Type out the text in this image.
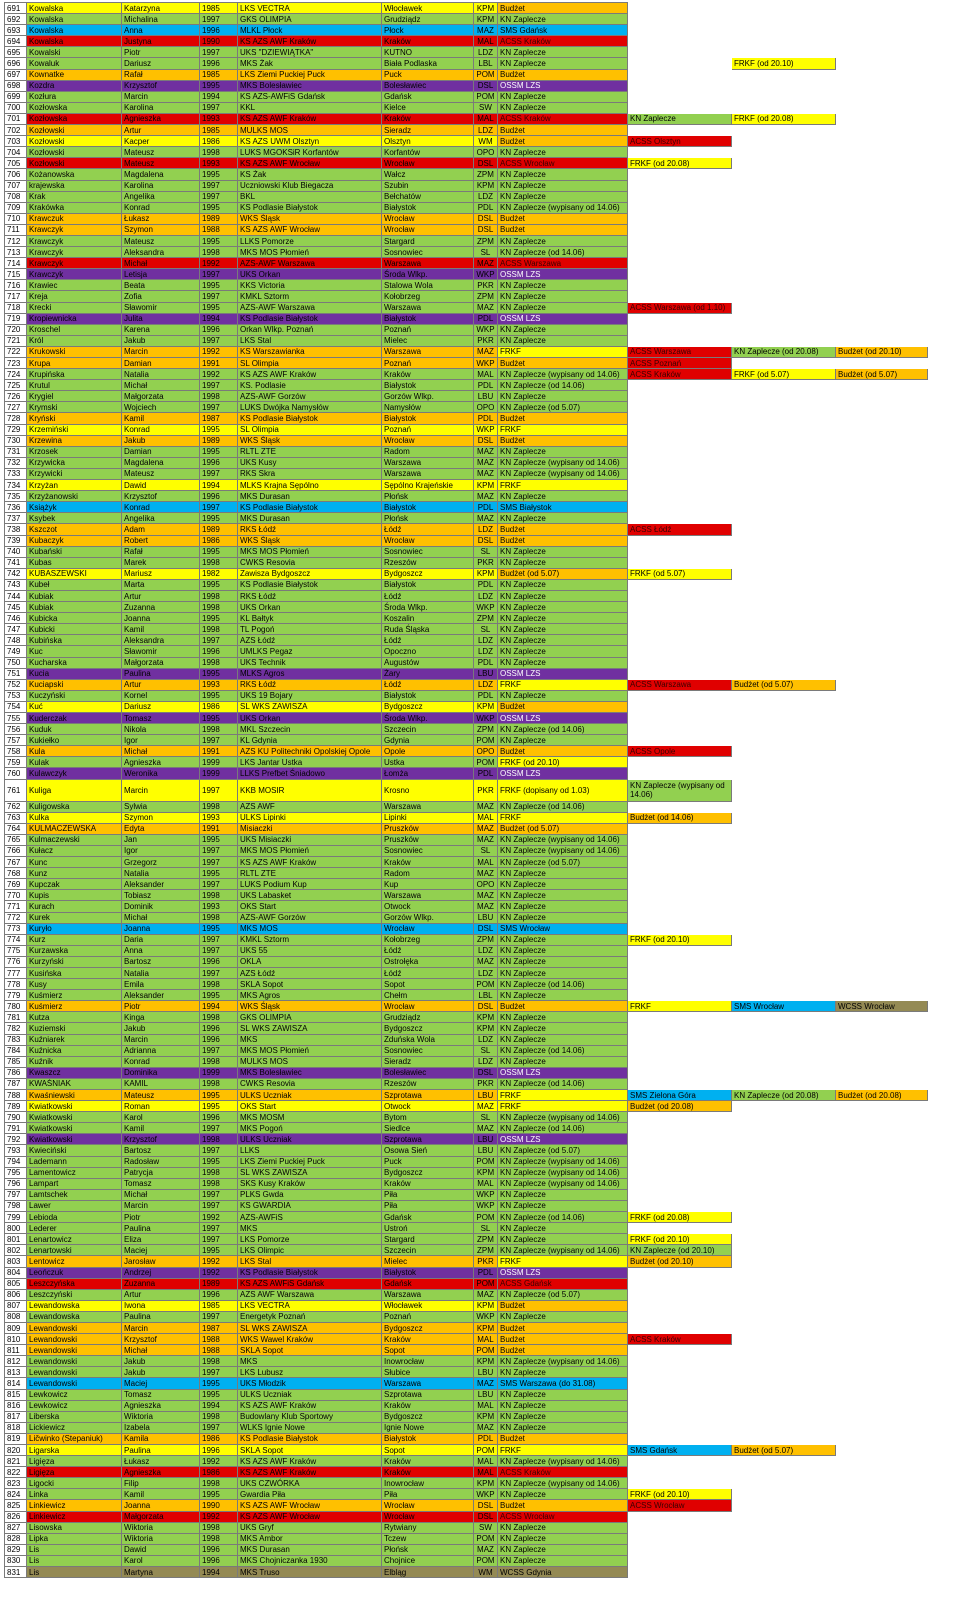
691	Kowalska	Katarzyna	1985	LKS VECTRA	Włocławek	KPM	Budżet			
692	Kowalska	Michalina	1997	GKS OLIMPIA	Grudziądz	KPM	KN Zaplecze			
693	Kowalska	Anna	1996	MLKL Płock	Płock	MAZ	SMS Gdańsk			
694	Kowalska	Justyna	1990	KS AZS AWF Kraków	Kraków	MAL	ACSS Kraków			
695	Kowalski	Piotr	1997	UKS "DZIEWIĄTKA"	KUTNO	LDZ	KN Zaplecze			
696	Kowaluk	Dariusz	1996	MKS Żak	Biała Podlaska	LBL	KN Zaplecze		FRKF (od 20.10)	
697	Kownatke	Rafał	1985	LKS Ziemi Puckiej Puck	Puck	POM	Budżet			
698	Kozdra	Krzysztof	1995	MKS Bolesławiec	Bolesławiec	DSL	OSSM LZS			
699	Kozłura	Marcin	1994	KS AZS-AWFiS Gdańsk	Gdańsk	POM	KN Zaplecze			
700	Kozłowska	Karolina	1997	KKL	Kielce	SW	KN Zaplecze			
701	Kozłowska	Agnieszka	1993	KS AZS AWF Kraków	Kraków	MAL	ACSS Kraków	KN Zaplecze	FRKF (od 20.08)	
702	Kozłowski	Artur	1985	MULKS MOS	Sieradz	LDZ	Budżet			
703	Kozłowski	Kacper	1986	KS AZS UWM Olsztyn	Olsztyn	WM	Budżet	ACSS Olsztyn		
704	Kozłowski	Mateusz	1998	LUKS MGOKSiR Korfantów	Korfantów	OPO	KN Zaplecze			
705	Kozłowski	Mateusz	1993	KS AZS AWF Wrocław	Wrocław	DSL	ACSS Wrocław	FRKF (od 20.08)		
706	Kożanowska	Magdalena	1995	KS Żak	Wałcz	ZPM	KN Zaplecze			
707	krajewska	Karolina	1997	Uczniowski Klub Biegacza	Szubin	KPM	KN Zaplecze			
708	Krak	Angelika	1997	BKL	Bełchatów	LDZ	KN Zaplecze			
709	Krakówka	Konrad	1995	KS Podlasie Białystok	Białystok	PDL	KN Zaplecze (wypisany od 14.06)			
710	Krawczuk	Łukasz	1989	WKS Śląsk	Wrocław	DSL	Budżet			
711	Krawczyk	Szymon	1988	KS AZS AWF Wrocław	Wrocław	DSL	Budżet			
712	Krawczyk	Mateusz	1995	LLKS Pomorze	Stargard	ZPM	KN Zaplecze			
713	Krawczyk	Aleksandra	1998	MKS MOS Płomień	Sosnowiec	SL	KN Zaplecze (od 14.06)			
714	Krawczyk	Michał	1992	AZS-AWF Warszawa	Warszawa	MAZ	ACSS Warszawa			
715	Krawczyk	Letisja	1997	UKS Orkan	Środa Wlkp.	WKP	OSSM LZS			
716	Krawiec	Beata	1995	KKS Victoria	Stalowa Wola	PKR	KN Zaplecze			
717	Kreja	Zofia	1997	KMKL Sztorm	Kołobrzeg	ZPM	KN Zaplecze			
718	Krecki	Sławomir	1995	AZS-AWF Warszawa	Warszawa	MAZ	KN Zaplecze	ACSS Warszawa (od 1.10)		
719	Kropiewnicka	Julita	1994	KS Podlasie Białystok	Białystok	PDL	OSSM LZS			
720	Kroschel	Karena	1996	Orkan Wlkp. Poznań	Poznań	WKP	KN Zaplecze			
721	Król	Jakub	1997	LKS Stal	Mielec	PKR	KN Zaplecze			
722	Krukowski	Marcin	1992	KS Warszawianka	Warszawa	MAZ	FRKF	ACSS Warszawa	KN Zaplecze (od 20.08)	Budżet (od 20.10)
723	Krupa	Damian	1991	SL Olimpia	Poznań	WKP	Budżet	ACSS Poznań		
724	Krupińska	Natalia	1992	KS AZS AWF Kraków	Kraków	MAL	KN Zaplecze (wypisany od 14.06)	ACSS Kraków	FRKF (od 5.07)	Budżet (od 5.07)
725	Krutul	Michał	1997	KS. Podlasie	Białystok	PDL	KN Zaplecze (od 14.06)			
726	Krygiel	Małgorzata	1998	AZS-AWF Gorzów	Gorzów Wlkp.	LBU	KN Zaplecze			
727	Krymski	Wojciech	1997	LUKS Dwójka Namysłów	Namysłów	OPO	KN Zaplecze (od 5.07)			
728	Kryński	Kamil	1987	KS Podlasie Białystok	Białystok	PDL	Budżet			
729	Krzemiński	Konrad	1995	SL Olimpia	Poznań	WKP	FRKF			
730	Krzewina	Jakub	1989	WKS Śląsk	Wrocław	DSL	Budżet			
731	Krzosek	Damian	1995	RLTL ZTE	Radom	MAZ	KN Zaplecze			
732	Krzywicka	Magdalena	1996	UKS Kusy	Warszawa	MAZ	KN Zaplecze (wypisany od 14.06)			
733	Krzywicki	Mateusz	1997	RKS Skra	Warszawa	MAZ	KN Zaplecze (wypisany od 14.06)			
734	Krzyżan	Dawid	1994	MLKS Krajna Sępólno	Sępólno Krajeńskie	KPM	FRKF			
735	Krzyżanowski	Krzysztof	1996	MKS Durasan	Płońsk	MAZ	KN Zaplecze			
736	Książyk	Konrad	1997	KS Podlasie Białystok	Białystok	PDL	SMS Białystok			
737	Ksybek	Angelika	1995	MKS Durasan	Płońsk	MAZ	KN Zaplecze			
738	Kszczot	Adam	1989	RKS Łódź	Łódź	LDZ	Budżet	ACSS Łódź		
739	Kubaczyk	Robert	1986	WKS Śląsk	Wrocław	DSL	Budżet			
740	Kubański	Rafał	1995	MKS MOS Płomień	Sosnowiec	SL	KN Zaplecze			
741	Kubas	Marek	1998	CWKS Resovia	Rzeszów	PKR	KN Zaplecze			
742	KUBASZEWSKI	Mariusz	1982	Zawisza Bydgoszcz	Bydgoszcz	KPM	Budżet (od 5.07)	FRKF (od 5.07)		
743	Kubeł	Marta	1995	KS Podlasie Białystok	Białystok	PDL	KN Zaplecze			
744	Kubiak	Artur	1998	RKS Łódź	Łódź	LDZ	KN Zaplecze			
745	Kubiak	Zuzanna	1998	UKS Orkan	Środa Wlkp.	WKP	KN Zaplecze			
746	Kubicka	Joanna	1995	KL Bałtyk	Koszalin	ZPM	KN Zaplecze			
747	Kubicki	Kamil	1998	TL Pogoń	Ruda Śląska	SL	KN Zaplecze			
748	Kubińska	Aleksandra	1997	AZS Łódź	Łódź	LDZ	KN Zaplecze			
749	Kuc	Sławomir	1996	UMLKS Pegaz	Opoczno	LDZ	KN Zaplecze			
750	Kucharska	Małgorzata	1998	UKS Technik	Augustów	PDL	KN Zaplecze			
751	Kucia	Paulina	1995	MLKS Agros	Żary	LBU	OSSM LZS			
752	Kuciapski	Artur	1993	RKS Łódź	Łódź	LDZ	FRKF	ACSS Warszawa	Budżet (od 5.07)	
753	Kuczyński	Kornel	1995	UKS 19 Bojary	Białystok	PDL	KN Zaplecze			
754	Kuć	Dariusz	1986	SL WKS ZAWISZA	Bydgoszcz	KPM	Budżet			
755	Kuderczak	Tomasz	1995	UKS Orkan	Środa Wlkp.	WKP	OSSM LZS			
756	Kuduk	Nikola	1998	MKL Szczecin	Szczecin	ZPM	KN Zaplecze (od 14.06)			
757	Kukiełko	Igor	1997	KL Gdynia	Gdynia	POM	KN Zaplecze			
758	Kula	Michał	1991	AZS KU Politechniki Opolskiej Opole	Opole	OPO	Budżet	ACSS Opole		
759	Kulak	Agnieszka	1999	LKS Jantar Ustka	Ustka	POM	FRKF (od 20.10)			
760	Kulawczyk	Weronika	1999	LLKS Prefbet Śniadowo	Łomża	PDL	OSSM LZS			
761	Kuliga	Marcin	1997	KKB MOSIR	Krosno	PKR	FRKF (dopisany od 1.03)	KN Zaplecze (wypisany od 14.06)		
762	Kuligowska	Sylwia	1998	AZS AWF	Warszawa	MAZ	KN Zaplecze (od 14.06)			
763	Kulka	Szymon	1993	ULKS Lipinki	Lipinki	MAL	FRKF	Budżet (od 14.06)		
764	KULMACZEWSKA	Edyta	1991	Misiaczki	Pruszków	MAZ	Budżet (od 5.07)			
765	Kulmaczewski	Jan	1995	UKS Misiaczki	Pruszków	MAZ	KN Zaplecze (wypisany od 14.06)			
766	Kułacz	Igor	1997	MKS MOS Płomień	Sosnowiec	SL	KN Zaplecze (wypisany od 14.06)			
767	Kunc	Grzegorz	1997	KS AZS AWF Kraków	Kraków	MAL	KN Zaplecze (od 5.07)			
768	Kunz	Natalia	1995	RLTL ZTE	Radom	MAZ	KN Zaplecze			
769	Kupczak	Aleksander	1997	LUKS Podium Kup	Kup	OPO	KN Zaplecze			
770	Kupis	Tobiasz	1998	UKS Labasket	Warszawa	MAZ	KN Zaplecze			
771	Kurach	Dominik	1993	OKS Start	Otwock	MAZ	KN Zaplecze			
772	Kurek	Michał	1998	AZS-AWF Gorzów	Gorzów Wlkp.	LBU	KN Zaplecze			
773	Kuryło	Joanna	1995	MKS MOS	Wrocław	DSL	SMS Wrocław			
774	Kurz	Daria	1997	KMKL Sztorm	Kołobrzeg	ZPM	KN Zaplecze	FRKF (od 20.10)		
775	Kurzawska	Anna	1997	UKS 55	Łódź	LDZ	KN Zaplecze			
776	Kurzyński	Bartosz	1996	OKLA	Ostrołęka	MAZ	KN Zaplecze			
777	Kusińska	Natalia	1997	AZS Łódź	Łódź	LDZ	KN Zaplecze			
778	Kusy	Emila	1998	SKLA Sopot	Sopot	POM	KN Zaplecze (od 14.06)			
779	Kuśmierz	Aleksander	1995	MKS Agros	Chełm	LBL	KN Zaplecze			
780	Kuśmierz	Piotr	1994	WKS Śląsk	Wrocław	DSL	Budżet	FRKF	SMS Wrocław	WCSS Wrocław
781	Kutza	Kinga	1998	GKS OLIMPIA	Grudziądz	KPM	KN Zaplecze			
782	Kuziemski	Jakub	1996	SL WKS ZAWISZA	Bydgoszcz	KPM	KN Zaplecze			
783	Kuźniarek	Marcin	1996	MKS	Zduńska Wola	LDZ	KN Zaplecze			
784	Kuźnicka	Adrianna	1997	MKS MOS Płomień	Sosnowiec	SL	KN Zaplecze (od 14.06)			
785	Kuźnik	Konrad	1998	MULKS MOS	Sieradz	LDZ	KN Zaplecze			
786	Kwaszcz	Dominika	1999	MKS Bolesławiec	Bolesławiec	DSL	OSSM LZS			
787	KWAŚNIAK	KAMIL	1998	CWKS Resovia	Rzeszów	PKR	KN Zaplecze (od 14.06)			
788	Kwaśniewski	Mateusz	1995	ULKS Uczniak	Szprotawa	LBU	FRKF	SMS Zielona Góra	KN Zaplecze (od 20.08)	Budżet (od 20.08)
789	Kwiatkowski	Roman	1995	OKS Start	Otwock	MAZ	FRKF	Budżet (od 20.08)		
790	Kwiatkowski	Karol	1996	MKS MOSM	Bytom	SL	KN Zaplecze (wypisany od 14.06)			
791	Kwiatkowski	Kamil	1997	MKS Pogoń	Siedlce	MAZ	KN Zaplecze (od 14.06)			
792	Kwiatkowski	Krzysztof	1998	ULKS Uczniak	Szprotawa	LBU	OSSM LZS			
793	Kwieciński	Bartosz	1997	LLKS	Osowa Sień	LBU	KN Zaplecze (od 5.07)			
794	Lademann	Radosław	1995	LKS Ziemi Puckiej Puck	Puck	POM	KN Zaplecze (wypisany od 14.06)			
795	Lamentowicz	Patrycja	1998	SL WKS ZAWISZA	Bydgoszcz	KPM	KN Zaplecze (wypisany od 14.06)			
796	Lampart	Tomasz	1998	SKS Kusy Kraków	Kraków	MAL	KN Zaplecze (wypisany od 14.06)			
797	Lamtschek	Michał	1997	PLKS Gwda	Piła	WKP	KN Zaplecze			
798	Lawer	Marcin	1997	KS GWARDIA	Piła	WKP	KN Zaplecze			
799	Lebioda	Piotr	1992	AZS-AWFiS	Gdańsk	POM	KN Zaplecze (od 14.06)	FRKF (od 20.08)		
800	Lederer	Paulina	1997	MKS	Ustroń	SL	KN Zaplecze			
801	Lenartowicz	Eliza	1997	LKS Pomorze	Stargard	ZPM	KN Zaplecze	FRKF (od 20.10)		
802	Lenartowski	Maciej	1995	LKS Olimpic	Szczecin	ZPM	KN Zaplecze (wypisany od 14.06)	KN Zaplecze (od 20.10)		
803	Lentowicz	Jarosław	1992	LKS Stal	Mielec	PKR	FRKF	Budżet (od 20.10)		
804	Leończuk	Andrzej	1992	KS Podlasie Białystok	Białystok	PDL	OSSM LZS			
805	Leszczyńska	Zuzanna	1989	KS AZS AWFiS Gdańsk	Gdańsk	POM	ACSS Gdańsk			
806	Leszczyński	Artur	1996	AZS AWF Warszawa	Warszawa	MAZ	KN Zaplecze (od 5.07)			
807	Lewandowska	Iwona	1985	LKS VECTRA	Włocławek	KPM	Budżet			
808	Lewandowska	Paulina	1997	Energetyk Poznań	Poznań	WKP	KN Zaplecze			
809	Lewandowski	Marcin	1987	SL WKS ZAWISZA	Bydgoszcz	KPM	Budżet			
810	Lewandowski	Krzysztof	1988	WKS Wawel Kraków	Kraków	MAL	Budżet	ACSS Kraków		
811	Lewandowski	Michał	1988	SKLA Sopot	Sopot	POM	Budżet			
812	Lewandowski	Jakub	1998	MKS	Inowrocław	KPM	KN Zaplecze (wypisany od 14.06)			
813	Lewandowski	Jakub	1997	LKS Lubusz	Słubice	LBU	KN Zaplecze			
814	Lewandowski	Maciej	1995	UKS Młodzik	Warszawa	MAZ	SMS Warszawa (do 31.08)			
815	Lewkowicz	Tomasz	1995	ULKS Uczniak	Szprotawa	LBU	KN Zaplecze			
816	Lewkowicz	Agnieszka	1994	KS AZS AWF Kraków	Kraków	MAL	KN Zaplecze			
817	Liberska	Wiktoria	1998	Budowlany Klub Sportowy	Bydgoszcz	KPM	KN Zaplecze			
818	Lickiewicz	Izabela	1997	WLKS Ignie Nowe	Ignie Nowe	MAZ	KN Zaplecze			
819	Ličwinko (Stepaniuk)	Kamila	1986	KS Podlasie Białystok	Białystok	PDL	Budżet			
820	Ligarska	Paulina	1996	SKLA Sopot	Sopot	POM	FRKF	SMS Gdańsk	Budżet (od 5.07)	
821	Ligięza	Łukasz	1992	KS AZS AWF Kraków	Kraków	MAL	KN Zaplecze (wypisany od 14.06)			
822	Ligięza	Agnieszka	1986	KS AZS AWF Kraków	Kraków	MAL	ACSS Kraków			
823	Ligocki	Filip	1998	UKS CZWÓRKA	Inowrocław	KPM	KN Zaplecze (wypisany od 14.06)			
824	Linka	Kamil	1995	Gwardia Piła	Piła	WKP	KN Zaplecze	FRKF (od 20.10)		
825	Linkiewicz	Joanna	1990	KS AZS AWF Wrocław	Wrocław	DSL	Budżet	ACSS Wrocław		
826	Linkiewicz	Małgorzata	1992	KS AZS AWF Wrocław	Wrocław	DSL	ACSS Wrocław			
827	Lisowska	Wiktoria	1998	UKS Gryf	Rytwiany	SW	KN Zaplecze			
828	Lipka	Wiktoria	1998	MKS Ambor	Tczew	POM	KN Zaplecze			
829	Lis	Dawid	1996	MKS Durasan	Płońsk	MAZ	KN Zaplecze			
830	Lis	Karol	1996	MKS Chojniczanka 1930	Chojnice	POM	KN Zaplecze			
831	Lis	Martyna	1994	MKS Truso	Elbląg	WM	WCSS Gdynia			
